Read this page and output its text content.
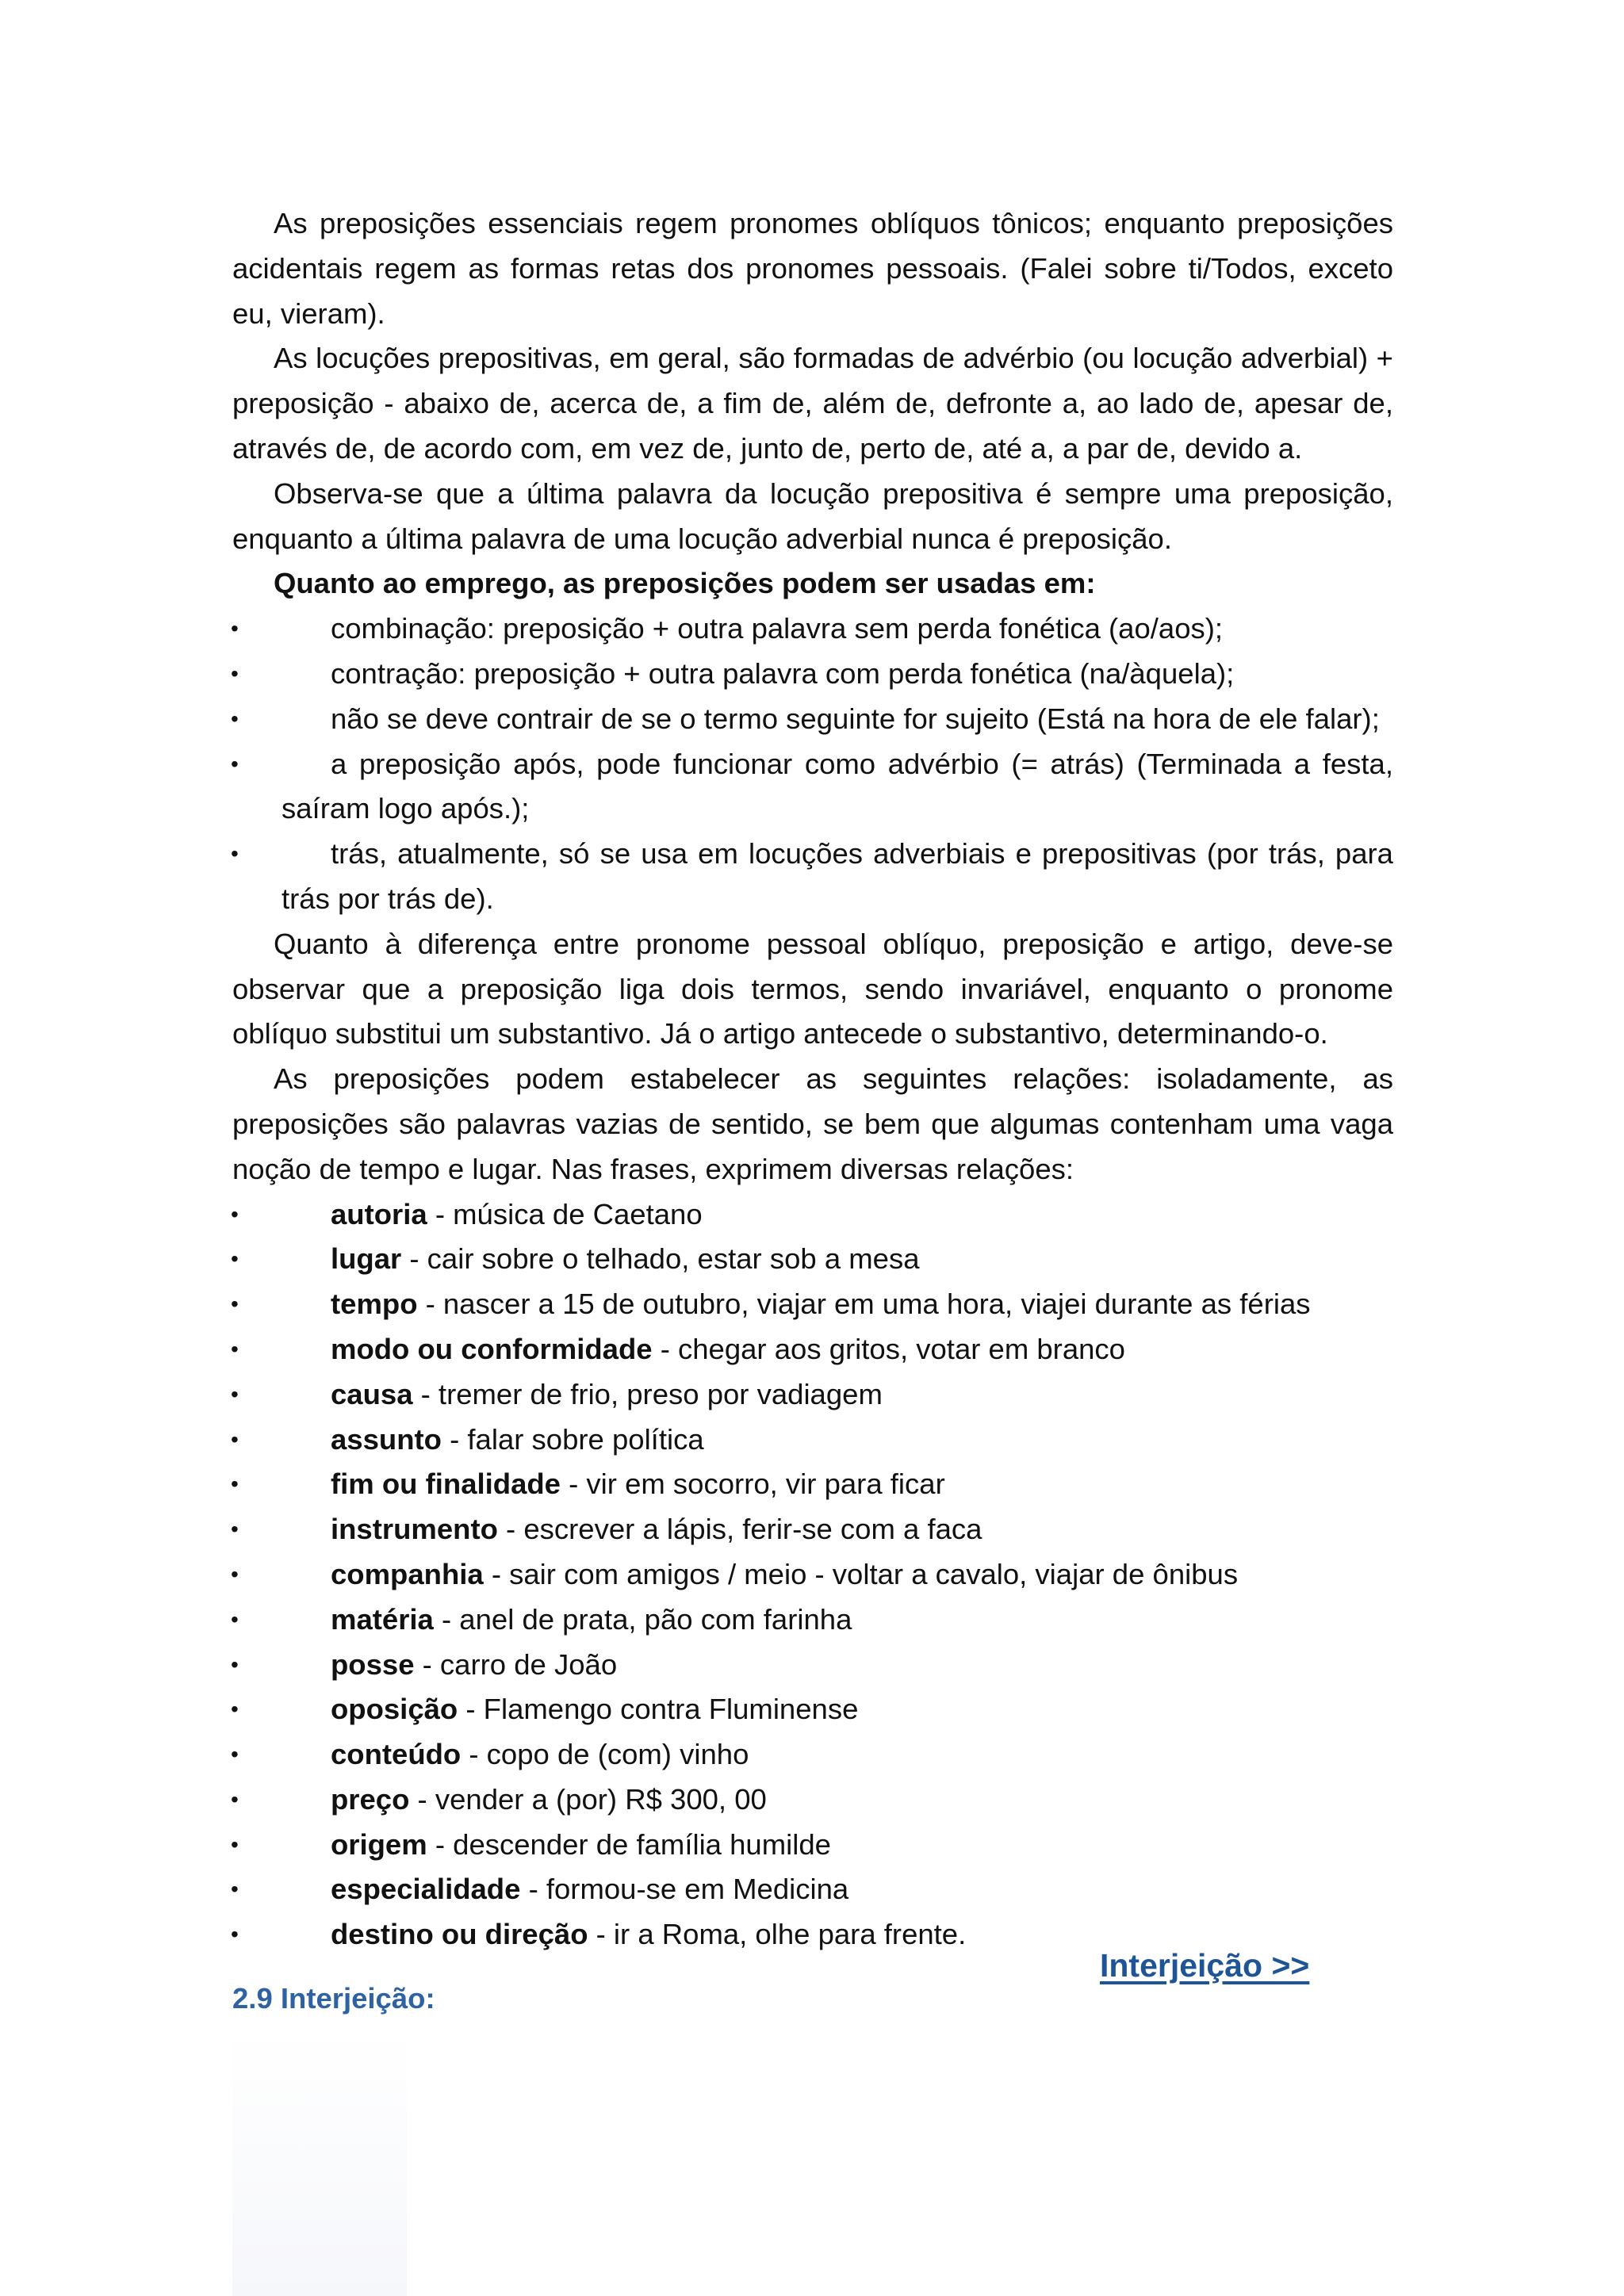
As preposições essenciais regem pronomes oblíquos tônicos; enquanto preposições acidentais regem as formas retas dos pronomes pessoais. (Falei sobre ti/Todos, exceto eu, vieram).

As locuções prepositivas, em geral, são formadas de advérbio (ou locução adverbial) + preposição - abaixo de, acerca de, a fim de, além de, defronte a, ao lado de, apesar de, através de, de acordo com, em vez de, junto de, perto de, até a, a par de, devido a.

Observa-se que a última palavra da locução prepositiva é sempre uma preposição, enquanto a última palavra de uma locução adverbial nunca é preposição.

Quanto ao emprego, as preposições podem ser usadas em:

•	combinação: preposição + outra palavra sem perda fonética (ao/aos);
•	contração: preposição + outra palavra com perda fonética (na/àquela);
•	não se deve contrair de se o termo seguinte for sujeito (Está na hora de ele falar);
•	a preposição após, pode funcionar como advérbio (= atrás) (Terminada a festa, saíram logo após.);
•	trás, atualmente, só se usa em locuções adverbiais e prepositivas (por trás, para trás por trás de).

Quanto à diferença entre pronome pessoal oblíquo, preposição e artigo, deve-se observar que a preposição liga dois termos, sendo invariável, enquanto o pronome oblíquo substitui um substantivo. Já o artigo antecede o substantivo, determinando-o.

As preposições podem estabelecer as seguintes relações: isoladamente, as preposições são palavras vazias de sentido, se bem que algumas contenham uma vaga noção de tempo e lugar. Nas frases, exprimem diversas relações:

•	autoria - música de Caetano
•	lugar - cair sobre o telhado, estar sob a mesa
•	tempo - nascer a 15 de outubro, viajar em uma hora, viajei durante as férias
•	modo ou conformidade - chegar aos gritos, votar em branco
•	causa - tremer de frio, preso por vadiagem
•	assunto - falar sobre política
•	fim ou finalidade - vir em socorro, vir para ficar
•	instrumento - escrever a lápis, ferir-se com a faca
•	companhia - sair com amigos / meio - voltar a cavalo, viajar de ônibus
•	matéria - anel de prata, pão com farinha
•	posse - carro de João
•	oposição - Flamengo contra Fluminense
•	conteúdo - copo de (com) vinho
•	preço - vender a (por) R$ 300, 00
•	origem - descender de família humilde
•	especialidade - formou-se em Medicina
•	destino ou direção - ir a Roma, olhe para frente.
Interjeição >>
2.9 Interjeição:
